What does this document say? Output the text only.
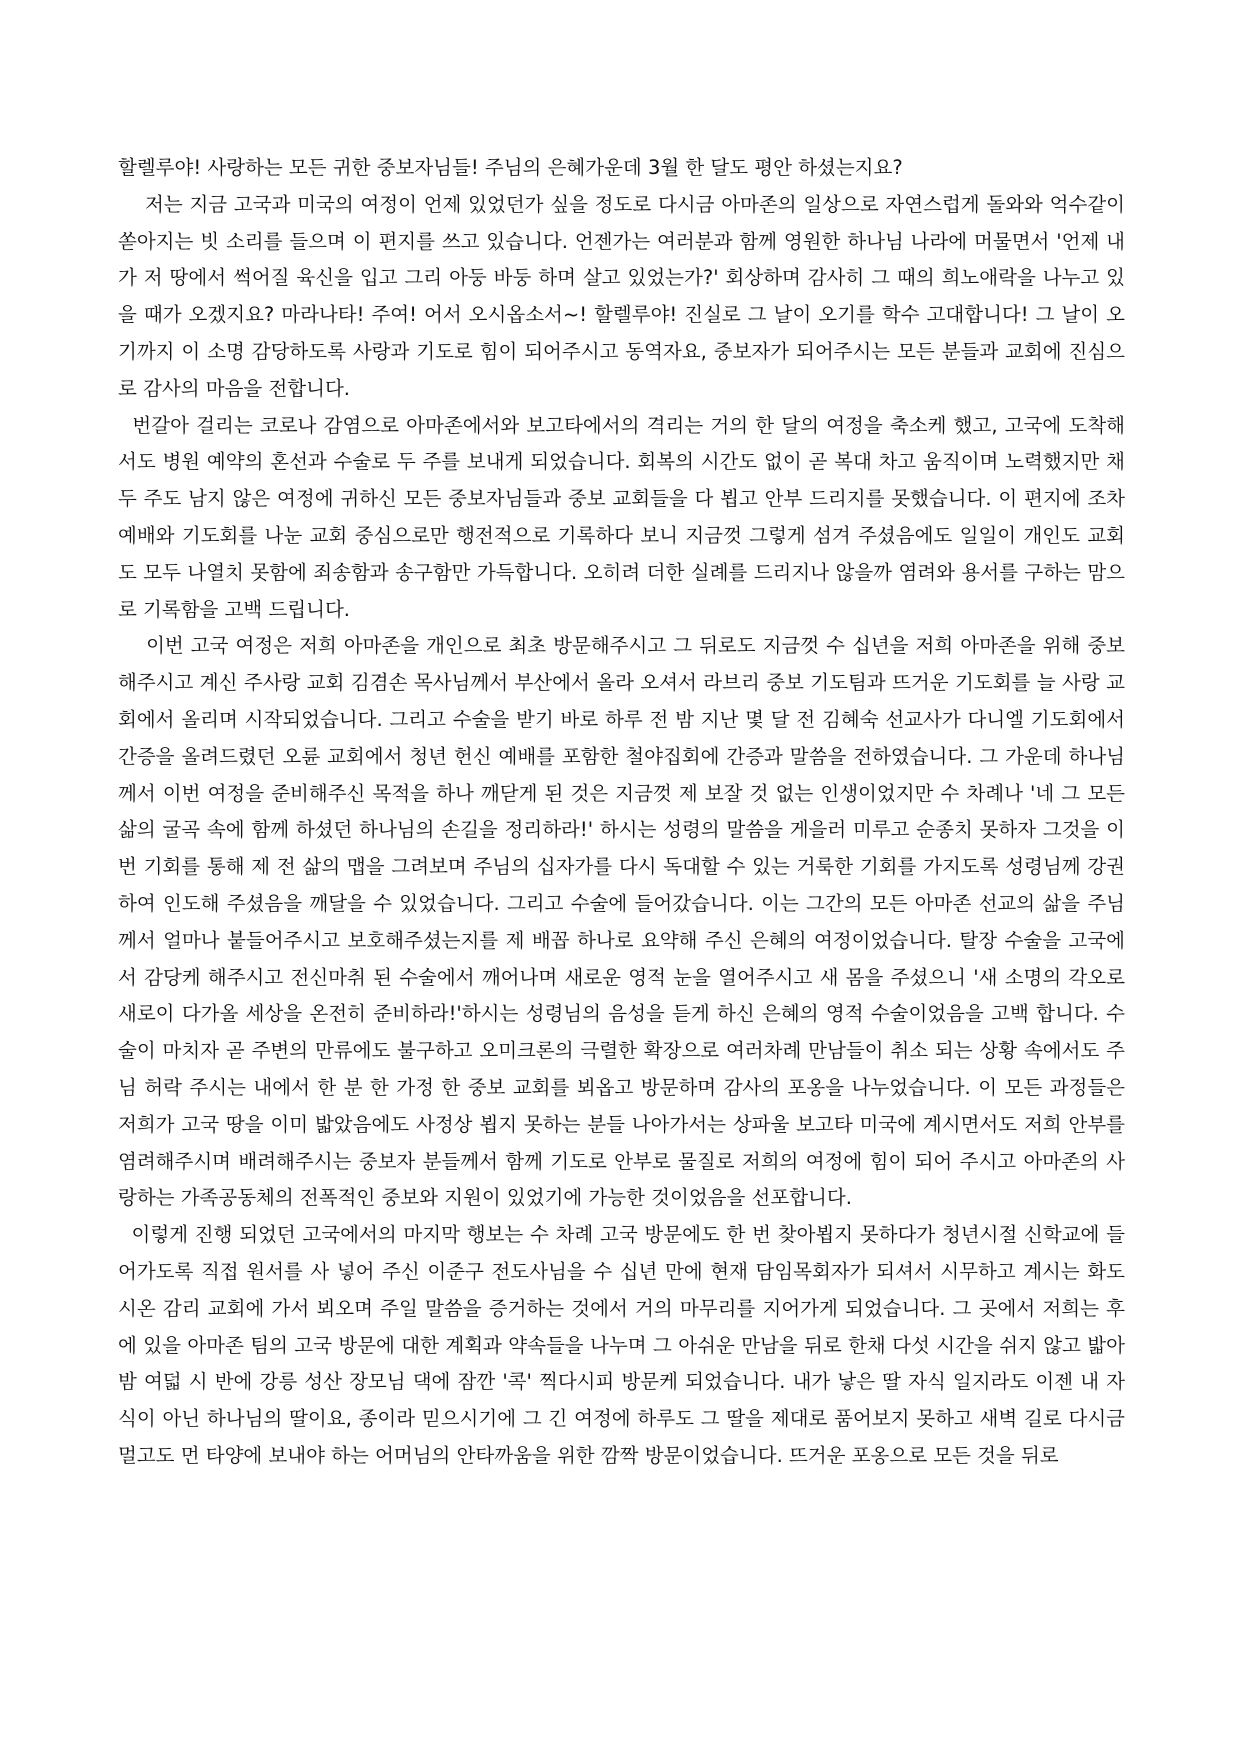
할렐루야! 사랑하는 모든 귀한 중보자님들! 주님의 은혜가운데 3월 한 달도 평안 하셨는지요?

저는 지금 고국과 미국의 여정이 언제 있었던가 싶을 정도로 다시금 아마존의 일상으로 자연스럽게 돌와와 억수같이 쏟아지는 빗 소리를 들으며 이 편지를 쓰고 있습니다. 언젠가는 여러분과 함께 영원한 하나님 나라에 머물면서 '언제 내가 저 땅에서 썩어질 육신을 입고 그리 아둥 바둥 하며 살고 있었는가?' 회상하며 감사히 그 때의 희노애락을 나누고 있을 때가 오겠지요? 마라나타! 주여! 어서 오시옵소서~! 할렐루야! 진실로 그 날이 오기를 학수 고대합니다! 그 날이 오기까지 이 소명 감당하도록 사랑과 기도로 힘이 되어주시고 동역자요, 중보자가 되어주시는 모든 분들과 교회에 진심으로 감사의 마음을 전합니다.

번갈아 걸리는 코로나 감염으로 아마존에서와 보고타에서의 격리는 거의 한 달의 여정을 축소케 했고, 고국에 도착해서도 병원 예약의 혼선과 수술로 두 주를 보내게 되었습니다. 회복의 시간도 없이 곧 복대 차고 움직이며 노력했지만 채 두 주도 남지 않은 여정에 귀하신 모든 중보자님들과 중보 교회들을 다 뵙고 안부 드리지를 못했습니다. 이 편지에 조차 예배와 기도회를 나눈 교회 중심으로만 행전적으로 기록하다 보니 지금껏 그렇게 섬겨 주셨음에도 일일이 개인도 교회도 모두 나열치 못함에 죄송함과 송구함만 가득합니다. 오히려 더한 실례를 드리지나 않을까 염려와 용서를 구하는 맘으로 기록함을 고백 드립니다.

이번 고국 여정은 저희 아마존을 개인으로 최초 방문해주시고 그 뒤로도 지금껏 수 십년을 저희 아마존을 위해 중보 해주시고 계신 주사랑 교회 김겸손 목사님께서 부산에서 올라 오셔서 라브리 중보 기도팀과 뜨거운 기도회를 늘 사랑 교회에서 올리며 시작되었습니다. 그리고 수술을 받기 바로 하루 전 밤 지난 몇 달 전 김혜숙 선교사가 다니엘 기도회에서 간증을 올려드렸던 오륜 교회에서 청년 헌신 예배를 포함한 철야집회에 간증과 말씀을 전하였습니다. 그 가운데 하나님께서 이번 여정을 준비해주신 목적을 하나 깨닫게 된 것은 지금껏 제 보잘 것 없는 인생이었지만 수 차례나 '네 그 모든 삶의 굴곡 속에 함께 하셨던 하나님의 손길을 정리하라!' 하시는 성령의 말씀을 게을러 미루고 순종치 못하자 그것을 이번 기회를 통해 제 전 삶의 맵을 그려보며 주님의 십자가를 다시 독대할 수 있는 거룩한 기회를 가지도록 성령님께 강권하여 인도해 주셨음을 깨달을 수 있었습니다. 그리고 수술에 들어갔습니다. 이는 그간의 모든 아마존 선교의 삶을 주님께서 얼마나 붙들어주시고 보호해주셨는지를 제 배꼽 하나로 요약해 주신 은혜의 여정이었습니다. 탈장 수술을 고국에서 감당케 해주시고 전신마취 된 수술에서 깨어나며 새로운 영적 눈을 열어주시고 새 몸을 주셨으니 '새 소명의 각오로 새로이 다가올 세상을 온전히 준비하라!'하시는 성령님의 음성을 듣게 하신 은혜의 영적 수술이었음을 고백 합니다. 수술이 마치자 곧 주변의 만류에도 불구하고 오미크론의 극렬한 확장으로 여러차례 만남들이 취소 되는 상황 속에서도 주님 허락 주시는 내에서 한 분 한 가정 한 중보 교회를 뵈옵고 방문하며 감사의 포옹을 나누었습니다. 이 모든 과정들은 저희가 고국 땅을 이미 밟았음에도 사정상 뵙지 못하는 분들 나아가서는 상파울 보고타 미국에 계시면서도 저희 안부를 염려해주시며 배려해주시는 중보자 분들께서 함께 기도로 안부로 물질로 저희의 여정에 힘이 되어 주시고 아마존의 사랑하는 가족공동체의 전폭적인 중보와 지원이 있었기에 가능한 것이었음을 선포합니다.

이렇게 진행 되었던 고국에서의 마지막 행보는 수 차례 고국 방문에도 한 번 찾아뵙지 못하다가 청년시절 신학교에 들어가도록 직접 원서를 사 넣어 주신 이준구 전도사님을 수 십년 만에 현재 담임목회자가 되셔서 시무하고 계시는 화도 시온 감리 교회에 가서 뵈오며 주일 말씀을 증거하는 것에서 거의 마무리를 지어가게 되었습니다. 그 곳에서 저희는 후에 있을 아마존 팀의 고국 방문에 대한 계획과 약속들을 나누며 그 아쉬운 만남을 뒤로 한채 다섯 시간을 쉬지 않고 밟아 밤 여덟 시 반에 강릉 성산 장모님 댁에 잠깐 '콕' 찍다시피 방문케 되었습니다. 내가 낳은 딸 자식 일지라도 이젠 내 자식이 아닌 하나님의 딸이요, 종이라 믿으시기에 그 긴 여정에 하루도 그 딸을 제대로 품어보지 못하고 새벽 길로 다시금 멀고도 먼 타양에 보내야 하는 어머님의 안타까움을 위한 깜짝 방문이었습니다. 뜨거운 포옹으로 모든 것을 뒤로
